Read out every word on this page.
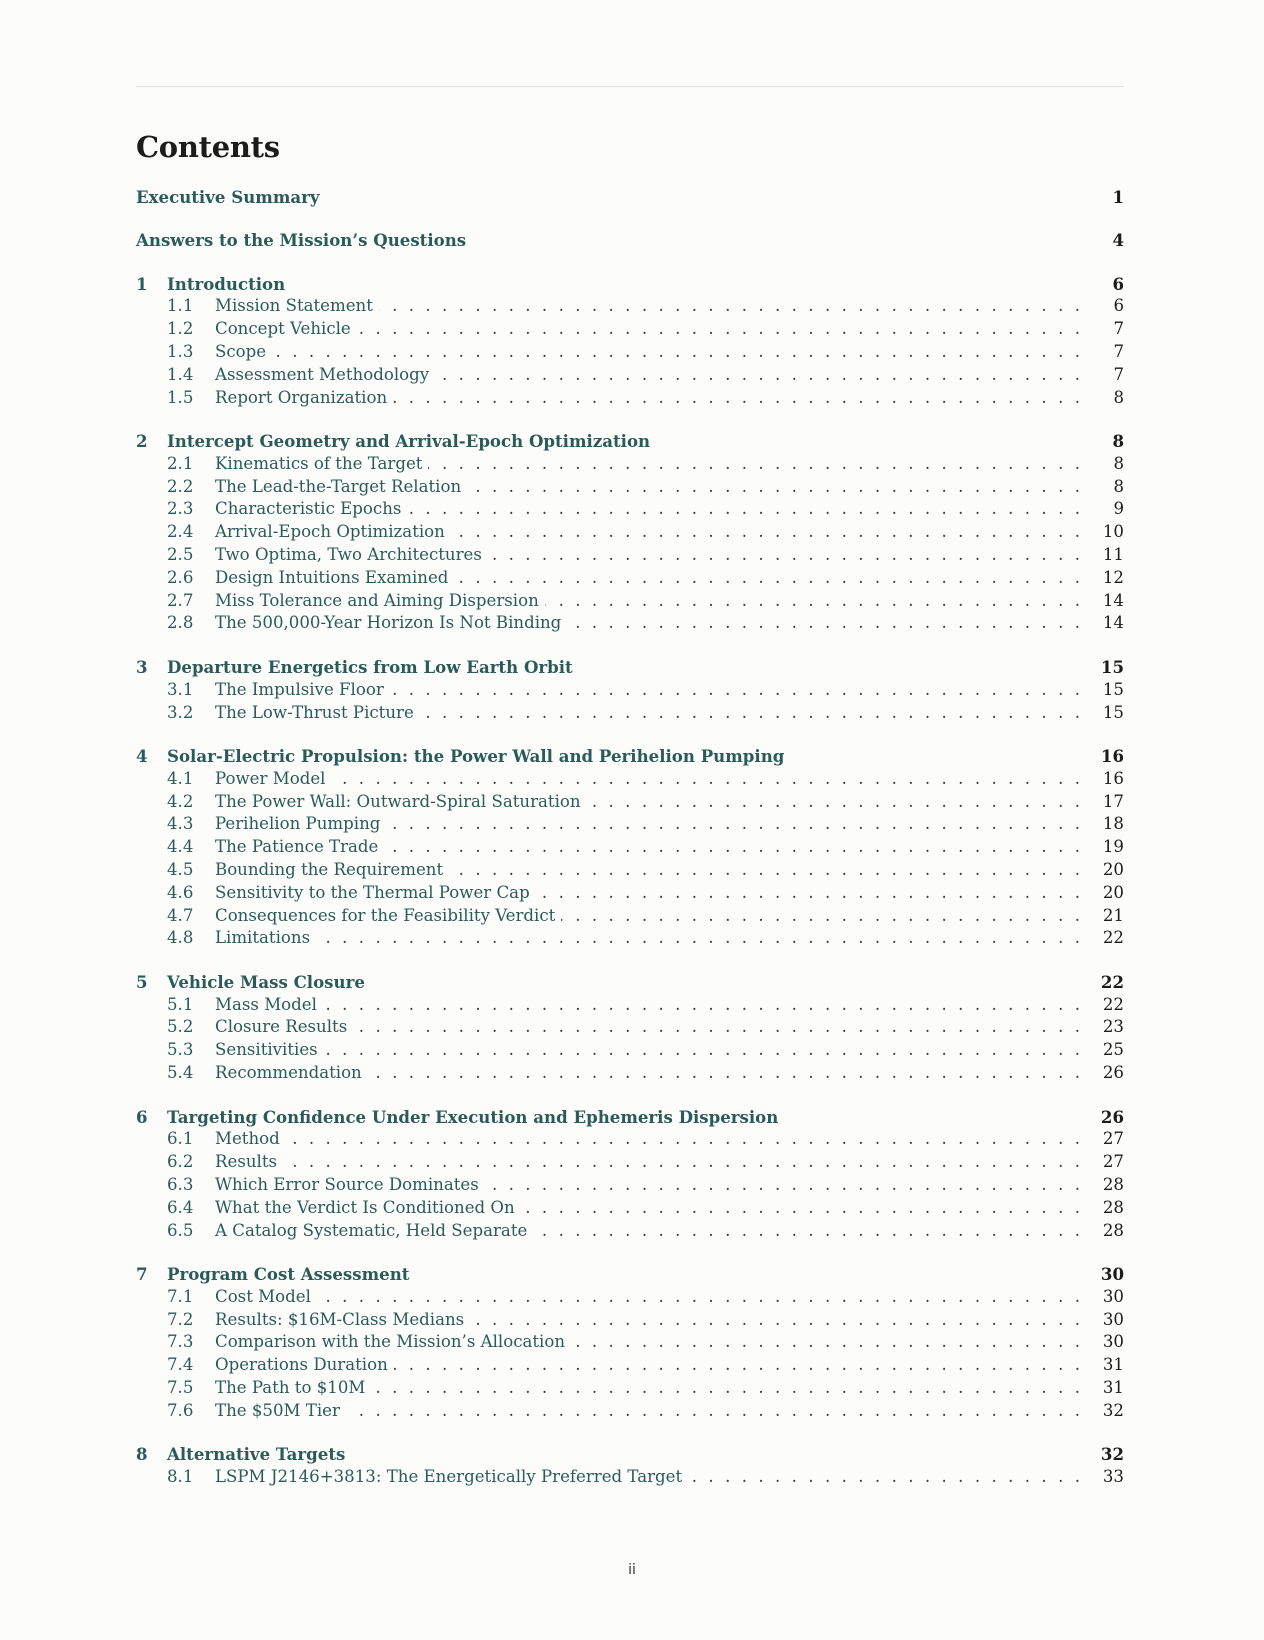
Contents
Executive Summary	1
Answers to the Mission’s Questions	4
1	Introduction	6
1.1	Mission Statement . . .	6
1.2	Concept Vehicle . . .	7
1.3	Scope . . .	7
1.4	Assessment Methodology . . .	7
1.5	Report Organization . . .	8
2	Intercept Geometry and Arrival-Epoch Optimization	8
2.1	Kinematics of the Target . . .	8
2.2	The Lead-the-Target Relation . . .	8
2.3	Characteristic Epochs . . .	9
2.4	Arrival-Epoch Optimization . . .	10
2.5	Two Optima, Two Architectures . . .	11
2.6	Design Intuitions Examined . . .	12
2.7	Miss Tolerance and Aiming Dispersion . . .	14
2.8	The 500,000-Year Horizon Is Not Binding . . .	14
3	Departure Energetics from Low Earth Orbit	15
3.1	The Impulsive Floor . . .	15
3.2	The Low-Thrust Picture . . .	15
4	Solar-Electric Propulsion: the Power Wall and Perihelion Pumping	16
4.1	Power Model . . .	16
4.2	The Power Wall: Outward-Spiral Saturation . . .	17
4.3	Perihelion Pumping . . .	18
4.4	The Patience Trade . . .	19
4.5	Bounding the Requirement . . .	20
4.6	Sensitivity to the Thermal Power Cap . . .	20
4.7	Consequences for the Feasibility Verdict . . .	21
4.8	Limitations . . .	22
5	Vehicle Mass Closure	22
5.1	Mass Model . . .	22
5.2	Closure Results . . .	23
5.3	Sensitivities . . .	25
5.4	Recommendation . . .	26
6	Targeting Confidence Under Execution and Ephemeris Dispersion	26
6.1	Method . . .	27
6.2	Results . . .	27
6.3	Which Error Source Dominates . . .	28
6.4	What the Verdict Is Conditioned On . . .	28
6.5	A Catalog Systematic, Held Separate . . .	28
7	Program Cost Assessment	30
7.1	Cost Model . . .	30
7.2	Results: $16M-Class Medians . . .	30
7.3	Comparison with the Mission’s Allocation . . .	30
7.4	Operations Duration . . .	31
7.5	The Path to $10M . . .	31
7.6	The $50M Tier . . .	32
8	Alternative Targets	32
8.1	LSPM J2146+3813: The Energetically Preferred Target . . .	33
ii
